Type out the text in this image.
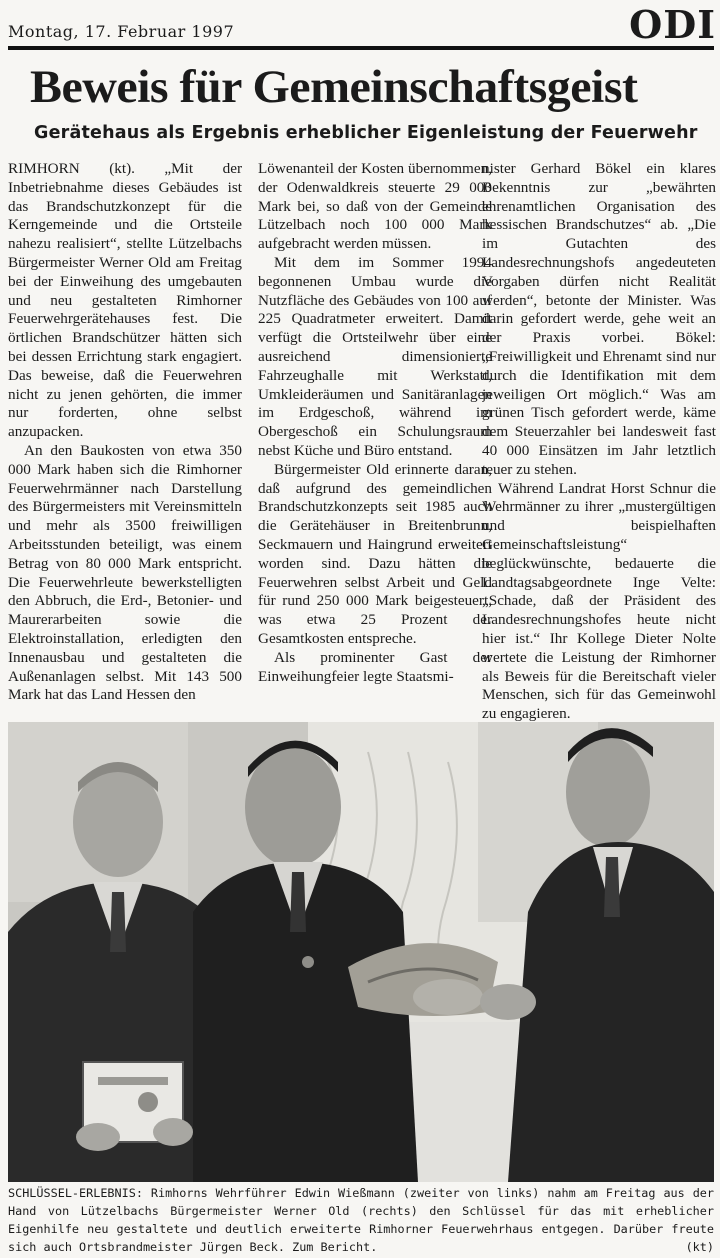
Montag, 17. Februar 1997	ODI
Beweis für Gemeinschaftsgeist
Gerätehaus als Ergebnis erheblicher Eigenleistung der Feuerwehr

RIMHORN (kt). „Mit der Inbetriebnahme dieses Gebäudes ist das Brandschutzkonzept für die Kerngemeinde und die Ortsteile nahezu realisiert“, stellte Lützelbachs Bürgermeister Werner Old am Freitag bei der Einweihung des umgebauten und neu gestalteten Rimhorner Feuerwehrgerätehauses fest. Die örtlichen Brandschützer hätten sich bei dessen Errichtung stark engagiert. Das beweise, daß die Feuerwehren nicht zu jenen gehörten, die immer nur forderten, ohne selbst anzupacken.

An den Baukosten von etwa 350 000 Mark haben sich die Rimhorner Feuerwehrmänner nach Darstellung des Bürgermeisters mit Vereinsmitteln und mehr als 3500 freiwilligen Arbeitsstunden beteiligt, was einem Betrag von 80 000 Mark entspricht. Die Feuerwehrleute bewerkstelligten den Abbruch, die Erd-, Betonier- und Maurerarbeiten sowie die Elektroinstallation, erledigten den Innenausbau und gestalteten die Außenanlagen selbst. Mit 143 500 Mark hat das Land Hessen den

Löwenanteil der Kosten übernommen, der Odenwaldkreis steuerte 29 000 Mark bei, so daß von der Gemeinde Lützelbach noch 100 000 Mark aufgebracht werden müssen.

Mit dem im Sommer 1994 begonnenen Umbau wurde die Nutzfläche des Gebäudes von 100 auf 225 Quadratmeter erweitert. Damit verfügt die Ortsteilwehr über eine ausreichend dimensionierte Fahrzeughalle mit Werkstatt, Umkleideräumen und Sanitäranlagen im Erdgeschoß, während im Obergeschoß ein Schulungsraum nebst Küche und Büro entstand.

Bürgermeister Old erinnerte daran, daß aufgrund des gemeindlichen Brandschutzkonzepts seit 1985 auch die Gerätehäuser in Breitenbrunn, Seckmauern und Haingrund erweitert worden sind. Dazu hätten die Feuerwehren selbst Arbeit und Geld für rund 250 000 Mark beigesteuert, was etwa 25 Prozent der Gesamtkosten entspreche.

Als prominenter Gast der Einweihungfeier legte Staatsmi-

nister Gerhard Bökel ein klares Bekenntnis zur „bewährten ehrenamtlichen Organisation des hessischen Brandschutzes“ ab. „Die im Gutachten des Landesrechnungshofs angedeuteten Vorgaben dürfen nicht Realität werden“, betonte der Minister. Was darin gefordert werde, gehe weit an der Praxis vorbei. Bökel: „Freiwilligkeit und Ehrenamt sind nur durch die Identifikation mit dem jeweiligen Ort möglich.“ Was am grünen Tisch gefordert werde, käme dem Steuerzahler bei landesweit fast 40 000 Einsätzen im Jahr letztlich teuer zu stehen.

Während Landrat Horst Schnur die Wehrmänner zu ihrer „mustergültigen und beispielhaften Gemeinschaftsleistung“ beglückwünschte, bedauerte die Landtagsabgeordnete Inge Velte: „Schade, daß der Präsident des Landesrechnungshofes heute nicht hier ist.“ Ihr Kollege Dieter Nolte wertete die Leistung der Rimhorner als Beweis für die Bereitschaft vieler Menschen, sich für das Gemeinwohl zu engagieren.

SCHLÜSSEL-ERLEBNIS: Rimhorns Wehrführer Edwin Wießmann (zweiter von links) nahm am Freitag aus der Hand von Lützelbachs Bürgermeister Werner Old (rechts) den Schlüssel für das mit erheblicher Eigenhilfe neu gestaltete und deutlich erweiterte Rimhorner Feuerwehrhaus entgegen. Darüber freute sich auch Ortsbrandmeister Jürgen Beck. Zum Bericht.	(kt)
